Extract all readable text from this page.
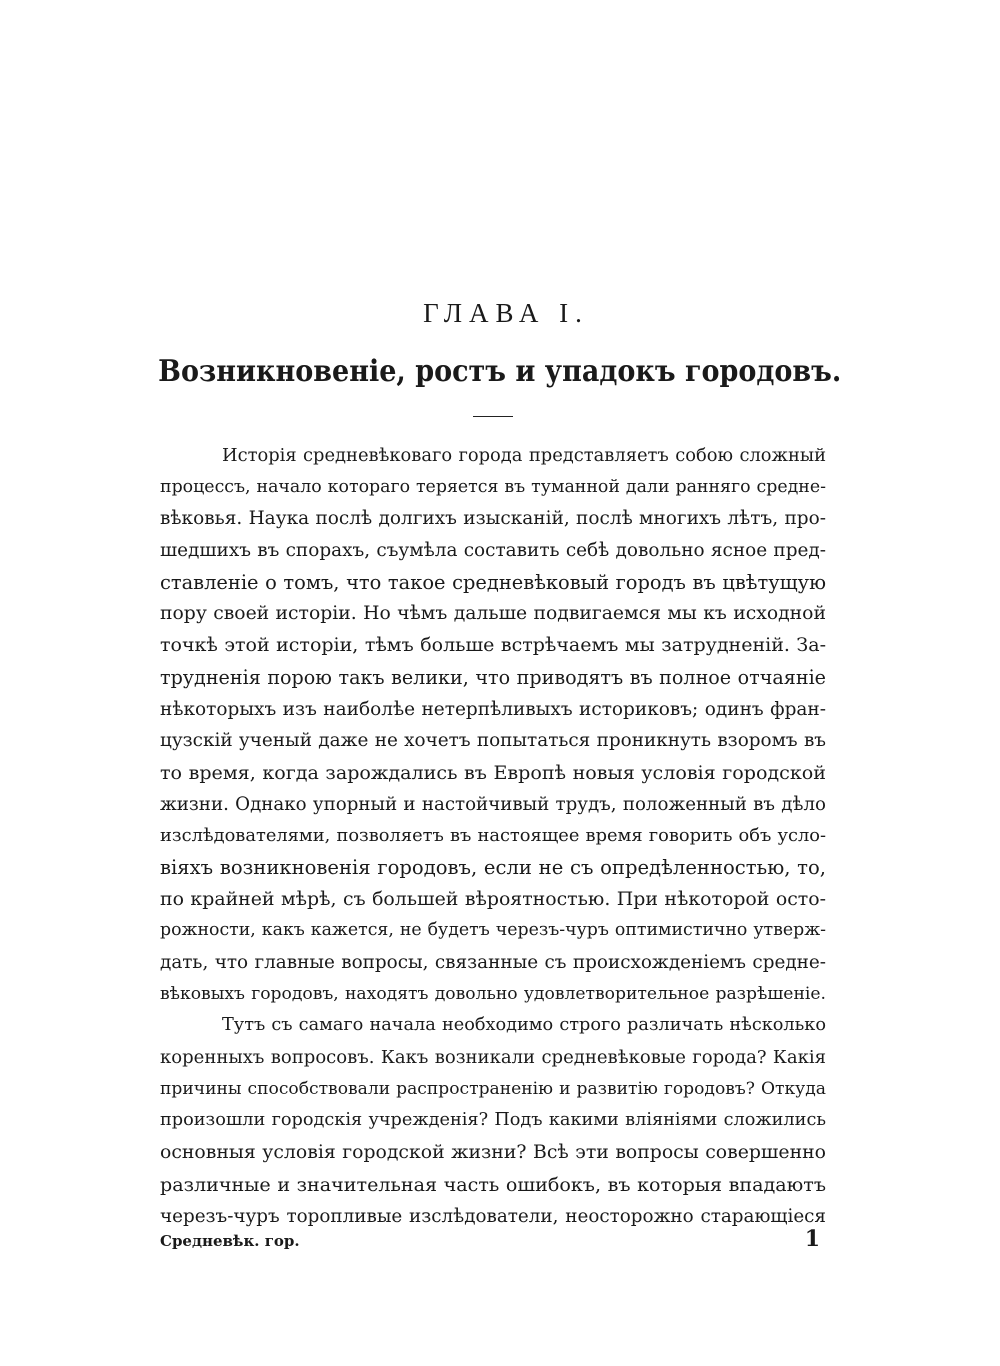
ГЛАВА I.
Возникновеніе, ростъ и упадокъ городовъ.
Исторія средневѣковаго города представляетъ собою сложный
процессъ, начало котораго теряется въ туманной дали ранняго средне-
вѣковья. Наука послѣ долгихъ изысканій, послѣ многихъ лѣтъ, про-
шедшихъ въ спорахъ, съумѣла составить себѣ довольно ясное пред-
ставленіе о томъ, что такое средневѣковый городъ въ цвѣтущую
пору своей исторіи. Но чѣмъ дальше подвигаемся мы къ исходной
точкѣ этой исторіи, тѣмъ больше встрѣчаемъ мы затрудненій. За-
трудненія порою такъ велики, что приводятъ въ полное отчаяніе
нѣкоторыхъ изъ наиболѣе нетерпѣливыхъ историковъ; одинъ фран-
цузскій ученый даже не хочетъ попытаться проникнуть взоромъ въ
то время, когда зарождались въ Европѣ новыя условія городской
жизни. Однако упорный и настойчивый трудъ, положенный въ дѣло
изслѣдователями, позволяетъ въ настоящее время говорить объ усло-
віяхъ возникновенія городовъ, если не съ опредѣленностью, то,
по крайней мѣрѣ, съ большей вѣроятностью. При нѣкоторой осто-
рожности, какъ кажется, не будетъ черезъ-чуръ оптимистично утверж-
дать, что главные вопросы, связанные съ происхожденіемъ средне-
вѣковыхъ городовъ, находятъ довольно удовлетворительное разрѣшеніе.
Тутъ съ самаго начала необходимо строго различать нѣсколько
коренныхъ вопросовъ. Какъ возникали средневѣковые города? Какія
причины способствовали распространенію и развитію городовъ? Откуда
произошли городскія учрежденія? Подъ какими вліяніями сложились
основныя условія городской жизни? Всѣ эти вопросы совершенно
различные и значительная часть ошибокъ, въ которыя впадаютъ
черезъ-чуръ торопливые изслѣдователи, неосторожно старающіеся
Средневѣк. гор.	1
